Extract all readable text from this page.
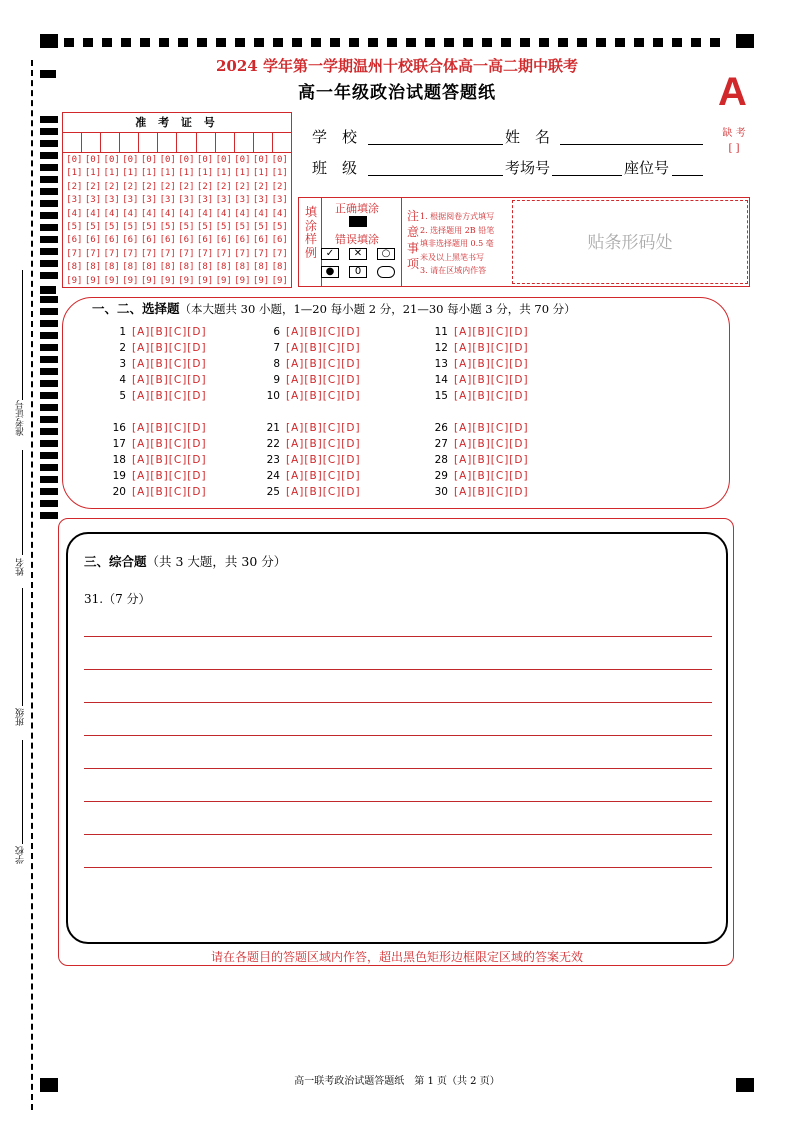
准考证号
姓名
班级
学校
2024 学年第一学期温州十校联合体高一高二期中联考
高一年级政治试题答题纸	A
缺 考
[ ]
准 考 证 号
[0] [0] [0] [0] [0] [0] [0] [0] [0] [0] [0] [0]
[1] [1] [1] [1] [1] [1] [1] [1] [1] [1] [1] [1]
[2] [2] [2] [2] [2] [2] [2] [2] [2] [2] [2] [2]
[3] [3] [3] [3] [3] [3] [3] [3] [3] [3] [3] [3]
[4] [4] [4] [4] [4] [4] [4] [4] [4] [4] [4] [4]
[5] [5] [5] [5] [5] [5] [5] [5] [5] [5] [5] [5]
[6] [6] [6] [6] [6] [6] [6] [6] [6] [6] [6] [6]
[7] [7] [7] [7] [7] [7] [7] [7] [7] [7] [7] [7]
[8] [8] [8] [8] [8] [8] [8] [8] [8] [8] [8] [8]
[9] [9] [9] [9] [9] [9] [9] [9] [9] [9] [9] [9]
学　校	姓　名
班　级	考场号	座位号
填涂样例
正确填涂
错误填涂
✓	✕	○
●	0
注意事项
1. 根据阅卷方式填写
2. 选择题用 2B 铅笔
填非选择题用 0.5 毫
米及以上黑笔书写
3. 请在区域内作答
贴条形码处
一、二、选择题（本大题共 30 小题，1—20 每小题 2 分，21—30 每小题 3 分，共 70 分）
1 [A][B][C][D]
2 [A][B][C][D]
3 [A][B][C][D]
4 [A][B][C][D]
5 [A][B][C][D]
6 [A][B][C][D]
7 [A][B][C][D]
8 [A][B][C][D]
9 [A][B][C][D]
10 [A][B][C][D]
11 [A][B][C][D]
12 [A][B][C][D]
13 [A][B][C][D]
14 [A][B][C][D]
15 [A][B][C][D]
16 [A][B][C][D]
17 [A][B][C][D]
18 [A][B][C][D]
19 [A][B][C][D]
20 [A][B][C][D]
21 [A][B][C][D]
22 [A][B][C][D]
23 [A][B][C][D]
24 [A][B][C][D]
25 [A][B][C][D]
26 [A][B][C][D]
27 [A][B][C][D]
28 [A][B][C][D]
29 [A][B][C][D]
30 [A][B][C][D]
三、综合题（共 3 大题，共 30 分）
31.（7 分）
请在各题目的答题区域内作答，超出黑色矩形边框限定区域的答案无效
高一联考政治试题答题纸　第 1 页（共 2 页）
